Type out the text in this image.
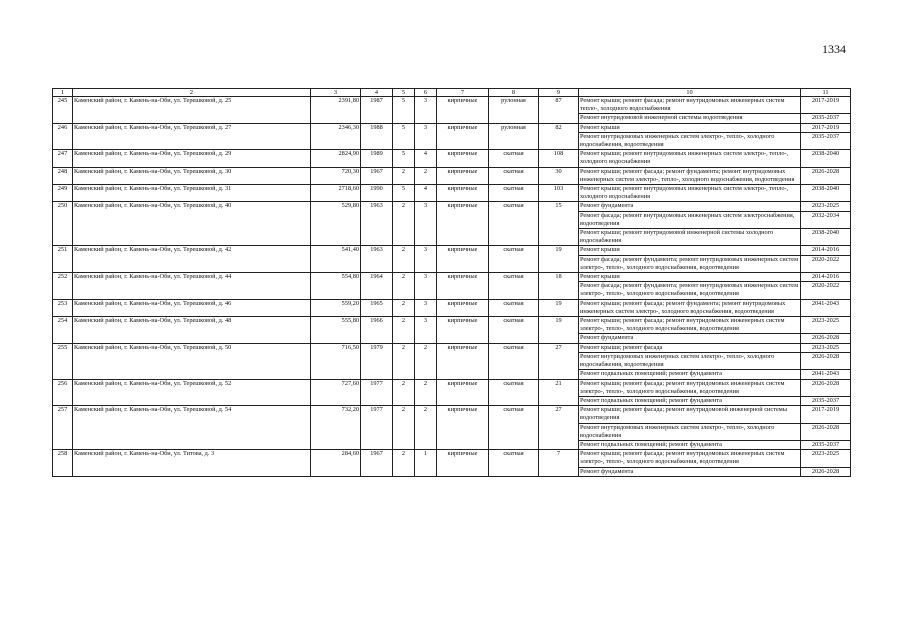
1334
1	2	3	4	5	6	7	8	9	10	11
245	Каменский район, г. Камень-на-Оби, ул. Терешковой, д. 25	2391,80	1987	5	3	кирпичные	рулонная	87	Ремонт крыши; ремонт фасада; ремонт внутридомовых инженерных систем тепло-, холодного водоснабжения	2017-2019
									Ремонт внутридомовой инженерной системы водоотведения	2035-2037
246	Каменский район, г. Камень-на-Оби, ул. Терешковой, д. 27	2346,30	1988	5	3	кирпичные	рулонная	82	Ремонт крыши	2017-2019
									Ремонт внутридомовых инженерных систем электро-, тепло-, холодного водоснабжения, водоотведения	2035-2037
247	Каменский район, г. Камень-на-Оби, ул. Терешковой, д. 29	2824,90	1989	5	4	кирпичные	скатная	108	Ремонт крыши; ремонт внутридомовых инженерных систем электро-, тепло-, холодного водоснабжения	2038-2040
248	Каменский район, г. Камень-на-Оби, ул. Терешковой, д. 30	720,30	1967	2	2	кирпичные	скатная	30	Ремонт крыши; ремонт фасада; ремонт фундамента; ремонт внутридомовых инженерных систем электро-, тепло-, холодного водоснабжения, водоотведения	2026-2028
249	Каменский район, г. Камень-на-Оби, ул. Терешковой, д. 31	2718,60	1990	5	4	кирпичные	скатная	103	Ремонт крыши; ремонт внутридомовых инженерных систем электро-, тепло-, холодного водоснабжения	2038-2040
250	Каменский район, г. Камень-на-Оби, ул. Терешковой, д. 40	529,80	1963	2	3	кирпичные	скатная	15	Ремонт фундамента	2023-2025
									Ремонт фасада; ремонт внутридомовых инженерных систем электроснабжения, водоотведения	2032-2034
									Ремонт крыши; ремонт внутридомовой инженерной системы холодного водоснабжения	2038-2040
251	Каменский район, г. Камень-на-Оби, ул. Терешковой, д. 42	541,40	1963	2	3	кирпичные	скатная	19	Ремонт крыши	2014-2016
									Ремонт фасада; ремонт фундамента; ремонт внутридомовых инженерных систем электро-, тепло-, холодного водоснабжения, водоотведения	2020-2022
252	Каменский район, г. Камень-на-Оби, ул. Терешковой, д. 44	554,80	1964	2	3	кирпичные	скатная	18	Ремонт крыши	2014-2016
									Ремонт фасада; ремонт фундамента; ремонт внутридомовых инженерных систем электро-, тепло-, холодного водоснабжения, водоотведения	2020-2022
253	Каменский район, г. Камень-на-Оби, ул. Терешковой, д. 46	559,20	1965	2	3	кирпичные	скатная	19	Ремонт крыши; ремонт фасада; ремонт фундамента; ремонт внутридомовых инженерных систем электро-, холодного водоснабжения, водоотведения	2041-2043
254	Каменский район, г. Камень-на-Оби, ул. Терешковой, д. 48	555,80	1966	2	3	кирпичные	скатная	19	Ремонт крыши; ремонт фасада; ремонт внутридомовых инженерных систем электро-, тепло-, холодного водоснабжения, водоотведения	2023-2025
									Ремонт фундамента	2026-2028
255	Каменский район, г. Камень-на-Оби, ул. Терешковой, д. 50	716,50	1979	2	2	кирпичные	скатная	27	Ремонт крыши; ремонт фасада	2023-2025
									Ремонт внутридомовых инженерных систем электро-, тепло-, холодного водоснабжения, водоотведения	2026-2028
									Ремонт подвальных помещений; ремонт фундамента	2041-2043
256	Каменский район, г. Камень-на-Оби, ул. Терешковой, д. 52	727,60	1977	2	2	кирпичные	скатная	21	Ремонт крыши; ремонт фасада; ремонт внутридомовых инженерных систем электро-, тепло-, холодного водоснабжения, водоотведения	2026-2028
									Ремонт подвальных помещений; ремонт фундамента	2035-2037
257	Каменский район, г. Камень-на-Оби, ул. Терешковой, д. 54	732,20	1977	2	2	кирпичные	скатная	27	Ремонт крыши; ремонт фасада; ремонт внутридомовой инженерной системы водоотведения	2017-2019
									Ремонт внутридомовых инженерных систем электро-, тепло-, холодного водоснабжения	2026-2028
									Ремонт подвальных помещений; ремонт фундамента	2035-2037
258	Каменский район, г. Камень-на-Оби, ул. Титова, д. 3	284,60	1967	2	1	кирпичные	скатная	7	Ремонт крыши; ремонт фасада; ремонт внутридомовых инженерных систем электро-, тепло-, холодного водоснабжения, водоотведения	2023-2025
									Ремонт фундамента	2026-2028
